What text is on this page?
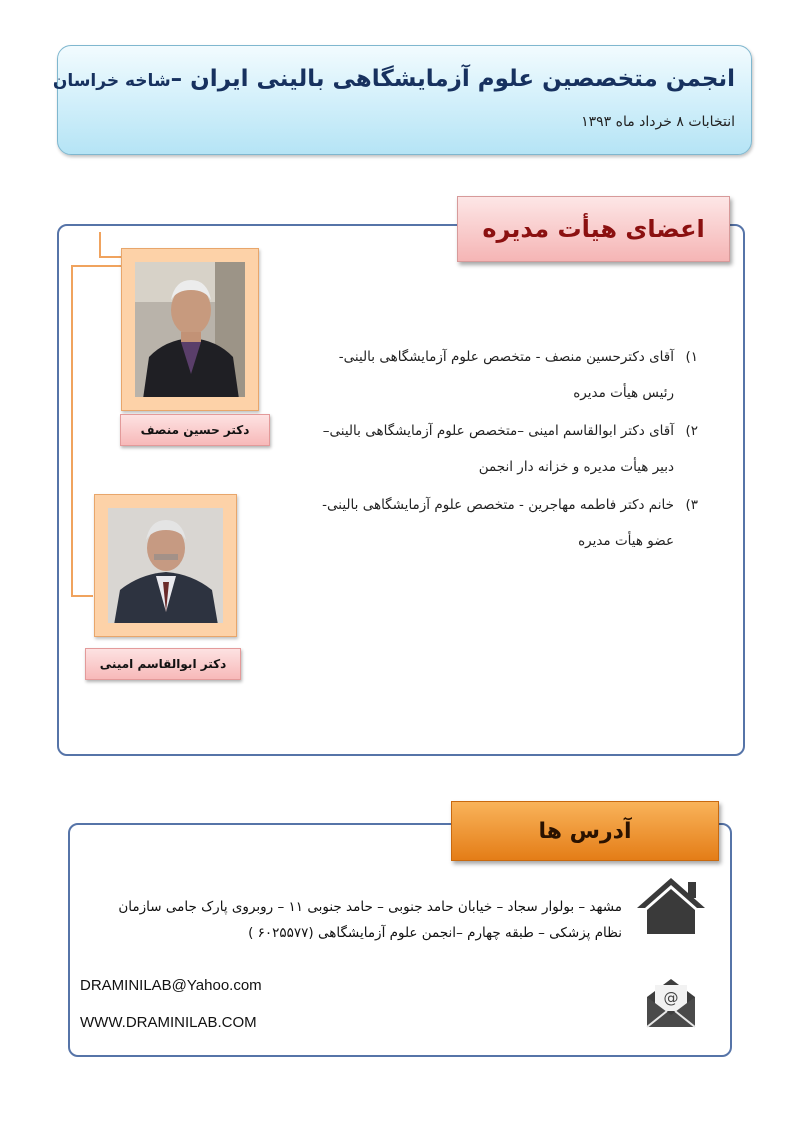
انجمن متخصصین علوم آزمایشگاهی بالینی ایران –شاخه خراسان
انتخابات ۸ خرداد ماه ۱۳۹۳
اعضای هیأت مدیره
دکتر حسین منصف
دکتر ابوالقاسم امینی
۱)
آقای دکترحسین منصف - متخصص علوم آزمایشگاهی بالینی-
رئیس هیأت مدیره
۲)
آقای دکتر ابوالقاسم امینی –متخصص علوم آزمایشگاهی بالینی–
دبیر هیأت مدیره و خزانه دار انجمن
۳)
خانم دکتر فاطمه مهاجرین - متخصص علوم آزمایشگاهی بالینی-
عضو هیأت مدیره
آدرس ها
مشهد – بولوار سجاد – خیابان حامد جنوبی – حامد جنوبی ۱۱ – روبروی پارک جامی سازمان
نظام پزشکی – طبقه چهارم –انجمن علوم آزمایشگاهی (۶۰۲۵۵۷۷ )
DRAMINILAB@Yahoo.com
WWW.DRAMINILAB.COM
@
